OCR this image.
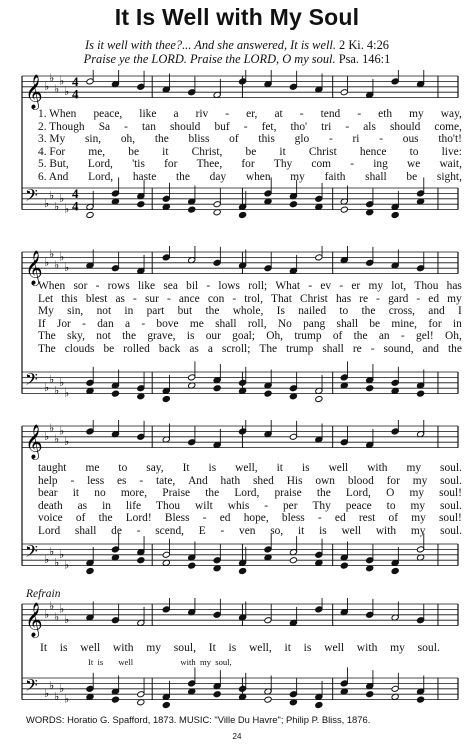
It Is Well with My Soul
Is it well with thee?... And she answered, It is well. 2 Ki. 4:26
Praise ye the LORD. Praise the LORD, O my soul. Psa. 146:1
𝄞 ♭
♭
♭
♭
♭
4
4
𝄢 ♭
♭
♭
♭
♭
4
4
1. When peace, like a riv - er, at - tend - eth my way,
2. Though Sa - tan should buf - fet, tho' tri - als should come,
3. My sin, oh, the bliss of this glo - ri - ous tho't!
4. For me, be it Christ, be it Christ hence to live:
5. But, Lord, 'tis for Thee, for Thy com - ing we wait,
6. And Lord, haste the day when my faith shall be sight,
𝄞 ♭
♭
♭
♭
♭
𝄢 ♭
♭
♭
♭
♭
When sor - rows like sea bil - lows roll; What - ev - er my lot, Thou has
Let this blest as - sur - ance con - trol, That Christ has re - gard - ed my
My sin, not in part but the whole, Is nailed to the cross, and I
If Jor - dan a - bove me shall roll, No pang shall be mine, for in
The sky, not the grave, is our goal; Oh, trump of the an - gel! Oh,
The clouds be rolled back as a scroll; The trump shall re - sound, and the
𝄞 ♭
♭
♭
♭
♭
𝄢 ♭
♭
♭
♭
♭
taught me to say, It is well, it is well with my soul.
help - less es - tate, And hath shed His own blood for my soul.
bear it no more, Praise the Lord, praise the Lord, O my soul!
death as in life Thou wilt whis - per Thy peace to my soul.
voice of the Lord! Bless - ed hope, bless - ed rest of my soul!
Lord shall de - scend, E - ven so, it is well with my soul.
Refrain
𝄞 ♭
♭
♭
♭
♭
𝄢 ♭
♭
♭
♭
♭
It is well with my soul, It is well, it is well with my soul.
It  is       well                      with  my  soul,
WORDS: Horatio G. Spafford, 1873. MUSIC: "Ville Du Havre"; Philip P. Bliss, 1876.
24
